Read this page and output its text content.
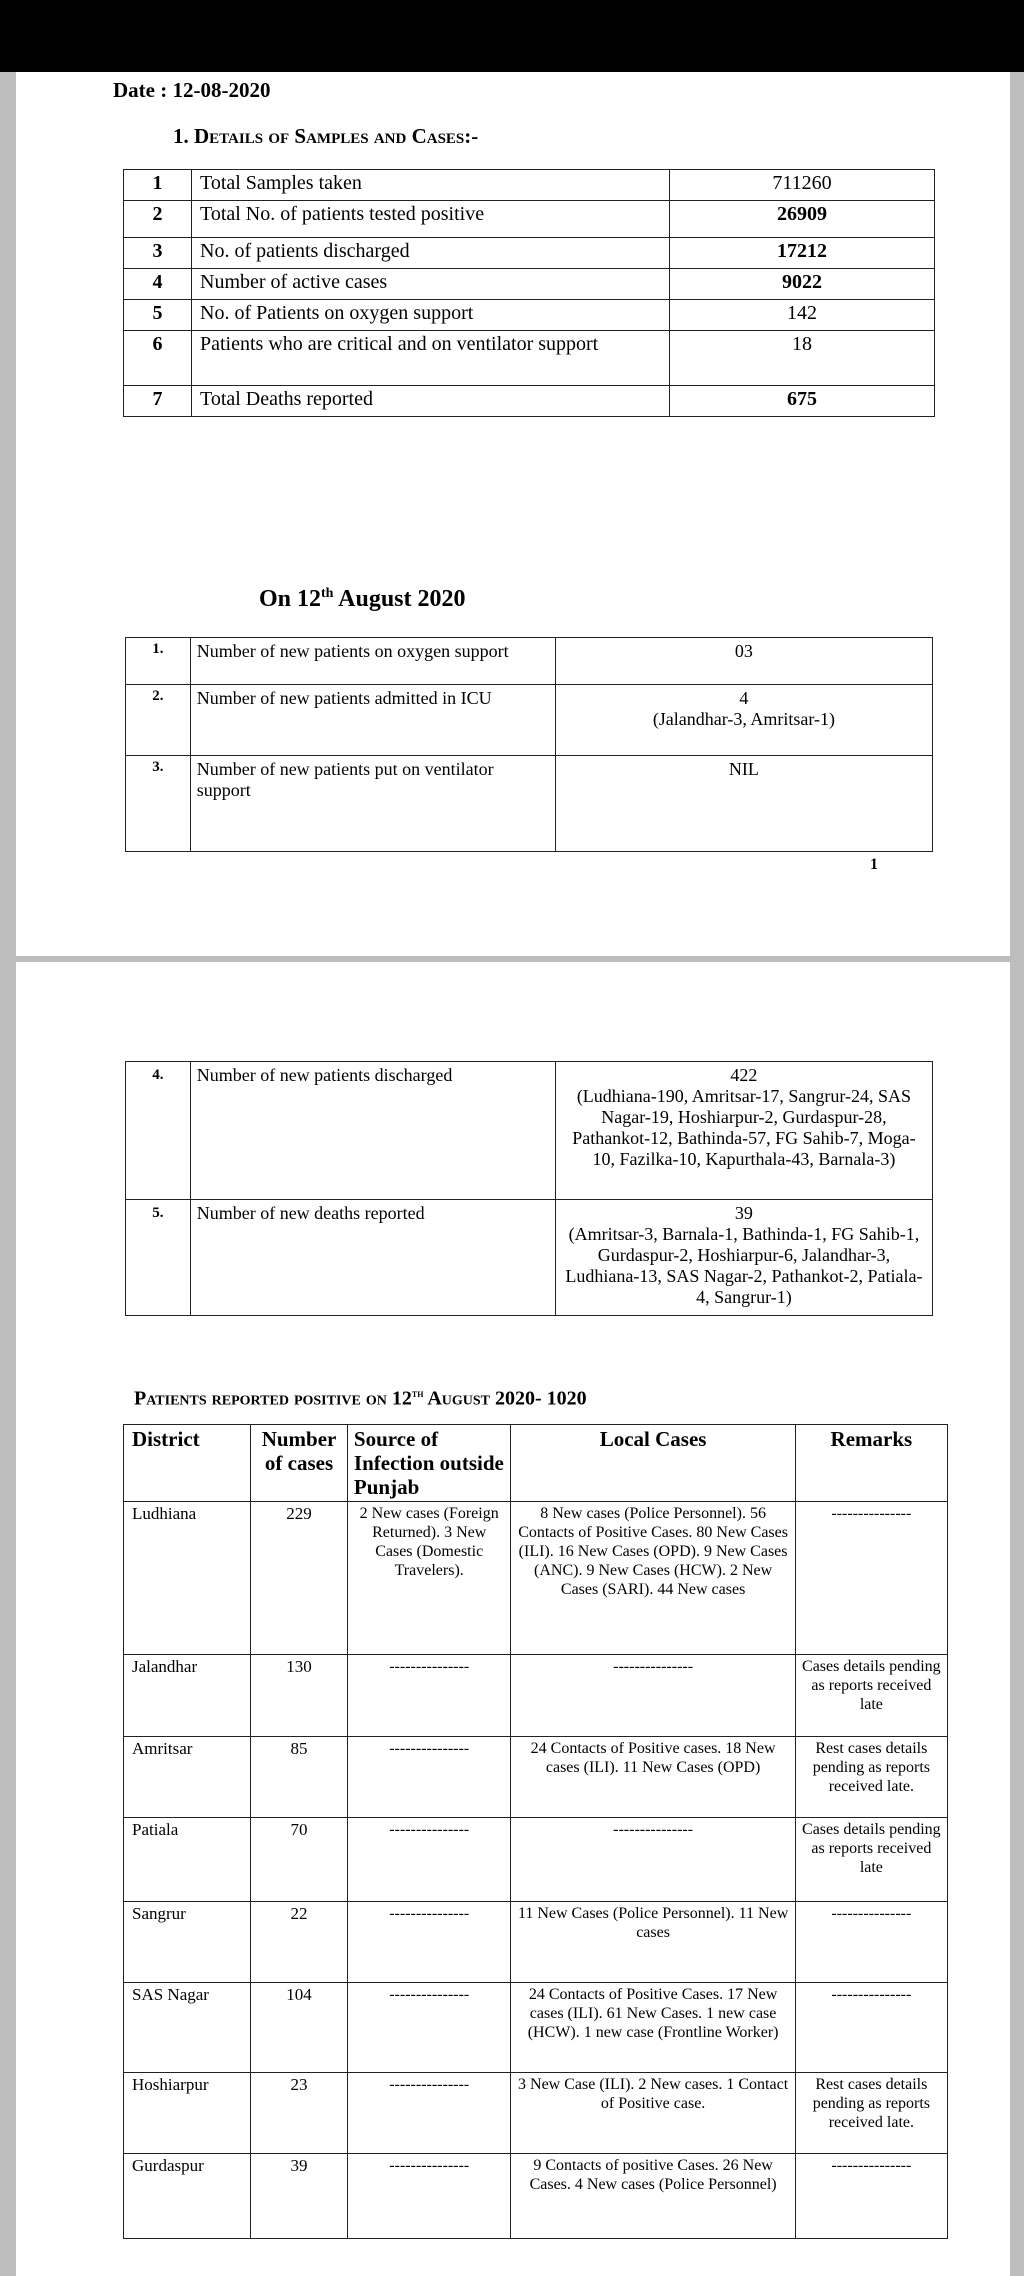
Date : 12-08-2020
1. Details of Samples and Cases:-
1	Total Samples taken	711260
2	Total No. of patients tested positive	26909
3	No. of patients discharged	17212
4	Number of active cases	9022
5	No. of Patients on oxygen support	142
6	Patients who are critical and on ventilator support	18
7	Total Deaths reported	675
On 12th August 2020
1.	Number of new patients on oxygen support	03

2.	Number of new patients admitted in ICU	4
(Jalandhar-3, Amritsar-1)

3.	Number of new patients put on ventilator support	NIL
1
4.	Number of new patients discharged	422
(Ludhiana-190, Amritsar-17, Sangrur-24, SAS Nagar-19, Hoshiarpur-2, Gurdaspur-28, Pathankot-12, Bathinda-57, FG Sahib-7, Moga-10, Fazilka-10, Kapurthala-43, Barnala-3)

5.	Number of new deaths reported	39
(Amritsar-3, Barnala-1, Bathinda-1, FG Sahib-1, Gurdaspur-2, Hoshiarpur-6, Jalandhar-3, Ludhiana-13, SAS Nagar-2, Pathankot-2, Patiala-4, Sangrur-1)
Patients reported positive on 12th August 2020- 1020
District	Number of cases	Source of Infection outside Punjab	Local Cases	Remarks
Ludhiana	229	2 New cases (Foreign Returned). 3 New Cases (Domestic Travelers).	8 New cases (Police Personnel). 56 Contacts of Positive Cases. 80 New Cases (ILI). 16 New Cases (OPD). 9 New Cases (ANC). 9 New Cases (HCW). 2 New Cases (SARI). 44 New cases	---------------
Jalandhar	130	---------------	---------------	Cases details pending as reports received late
Amritsar	85	---------------	24 Contacts of Positive cases. 18 New cases (ILI). 11 New Cases (OPD)	Rest cases details pending as reports received late.
Patiala	70	---------------	---------------	Cases details pending as reports received late
Sangrur	22	---------------	11 New Cases (Police Personnel). 11 New cases	---------------
SAS Nagar	104	---------------	24 Contacts of Positive Cases. 17 New cases (ILI). 61 New Cases. 1 new case (HCW). 1 new case (Frontline Worker)	---------------
Hoshiarpur	23	---------------	3 New Case (ILI). 2 New cases. 1 Contact of Positive case.	Rest cases details pending as reports received late.
Gurdaspur	39	---------------	9 Contacts of positive Cases. 26 New Cases. 4 New cases (Police Personnel)	---------------
